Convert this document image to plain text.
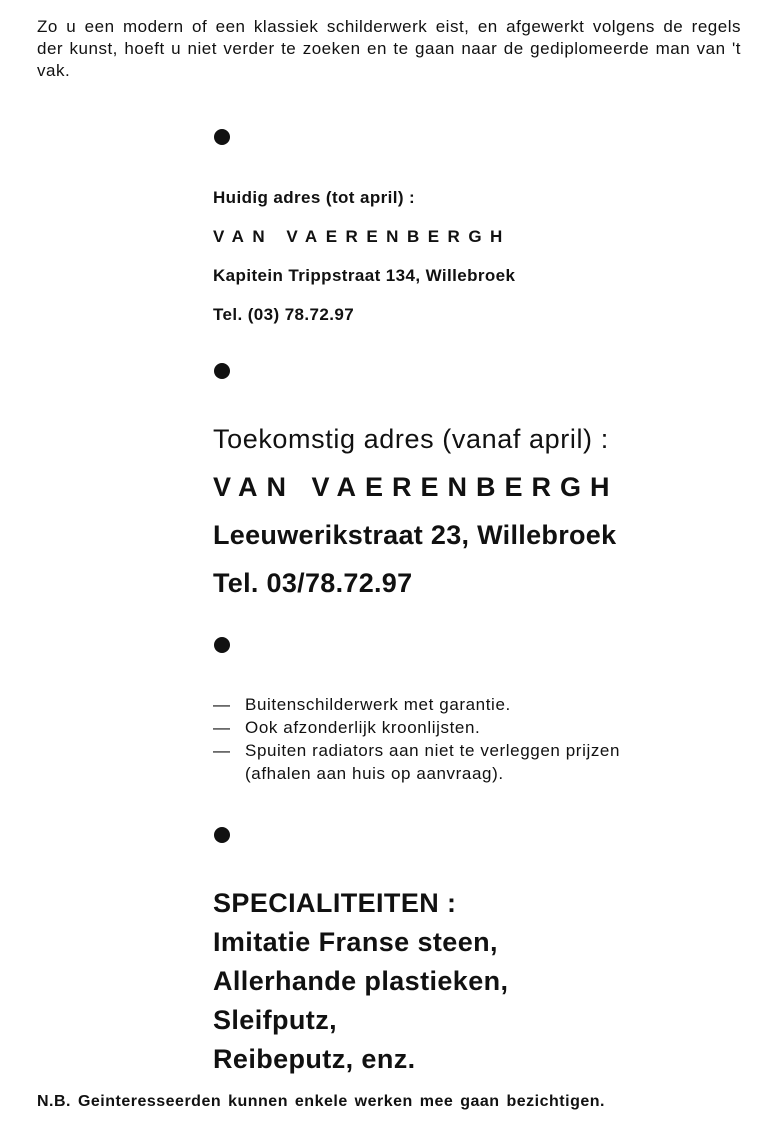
Zo u een modern of een klassiek schilderwerk eist, en afgewerkt volgens de regels der kunst, hoeft u niet verder te zoeken en te gaan naar de gediplomeerde man van 't vak.

Huidig adres (tot april) :
VAN VAERENBERGH
Kapitein Trippstraat 134, Willebroek
Tel. (03) 78.72.97
Toekomstig adres (vanaf april) :
VAN VAERENBERGH
Leeuwerikstraat 23, Willebroek
Tel. 03/78.72.97
— Buitenschilderwerk met garantie.
— Ook afzonderlijk kroonlijsten.
— Spuiten radiators aan niet te verleggen prijzen
(afhalen aan huis op aanvraag).
SPECIALITEITEN :
Imitatie Franse steen,
Allerhande plastieken,
Sleifputz,
Reibeputz, enz.
N.B. Geinteresseerden kunnen enkele werken mee gaan bezichtigen.
